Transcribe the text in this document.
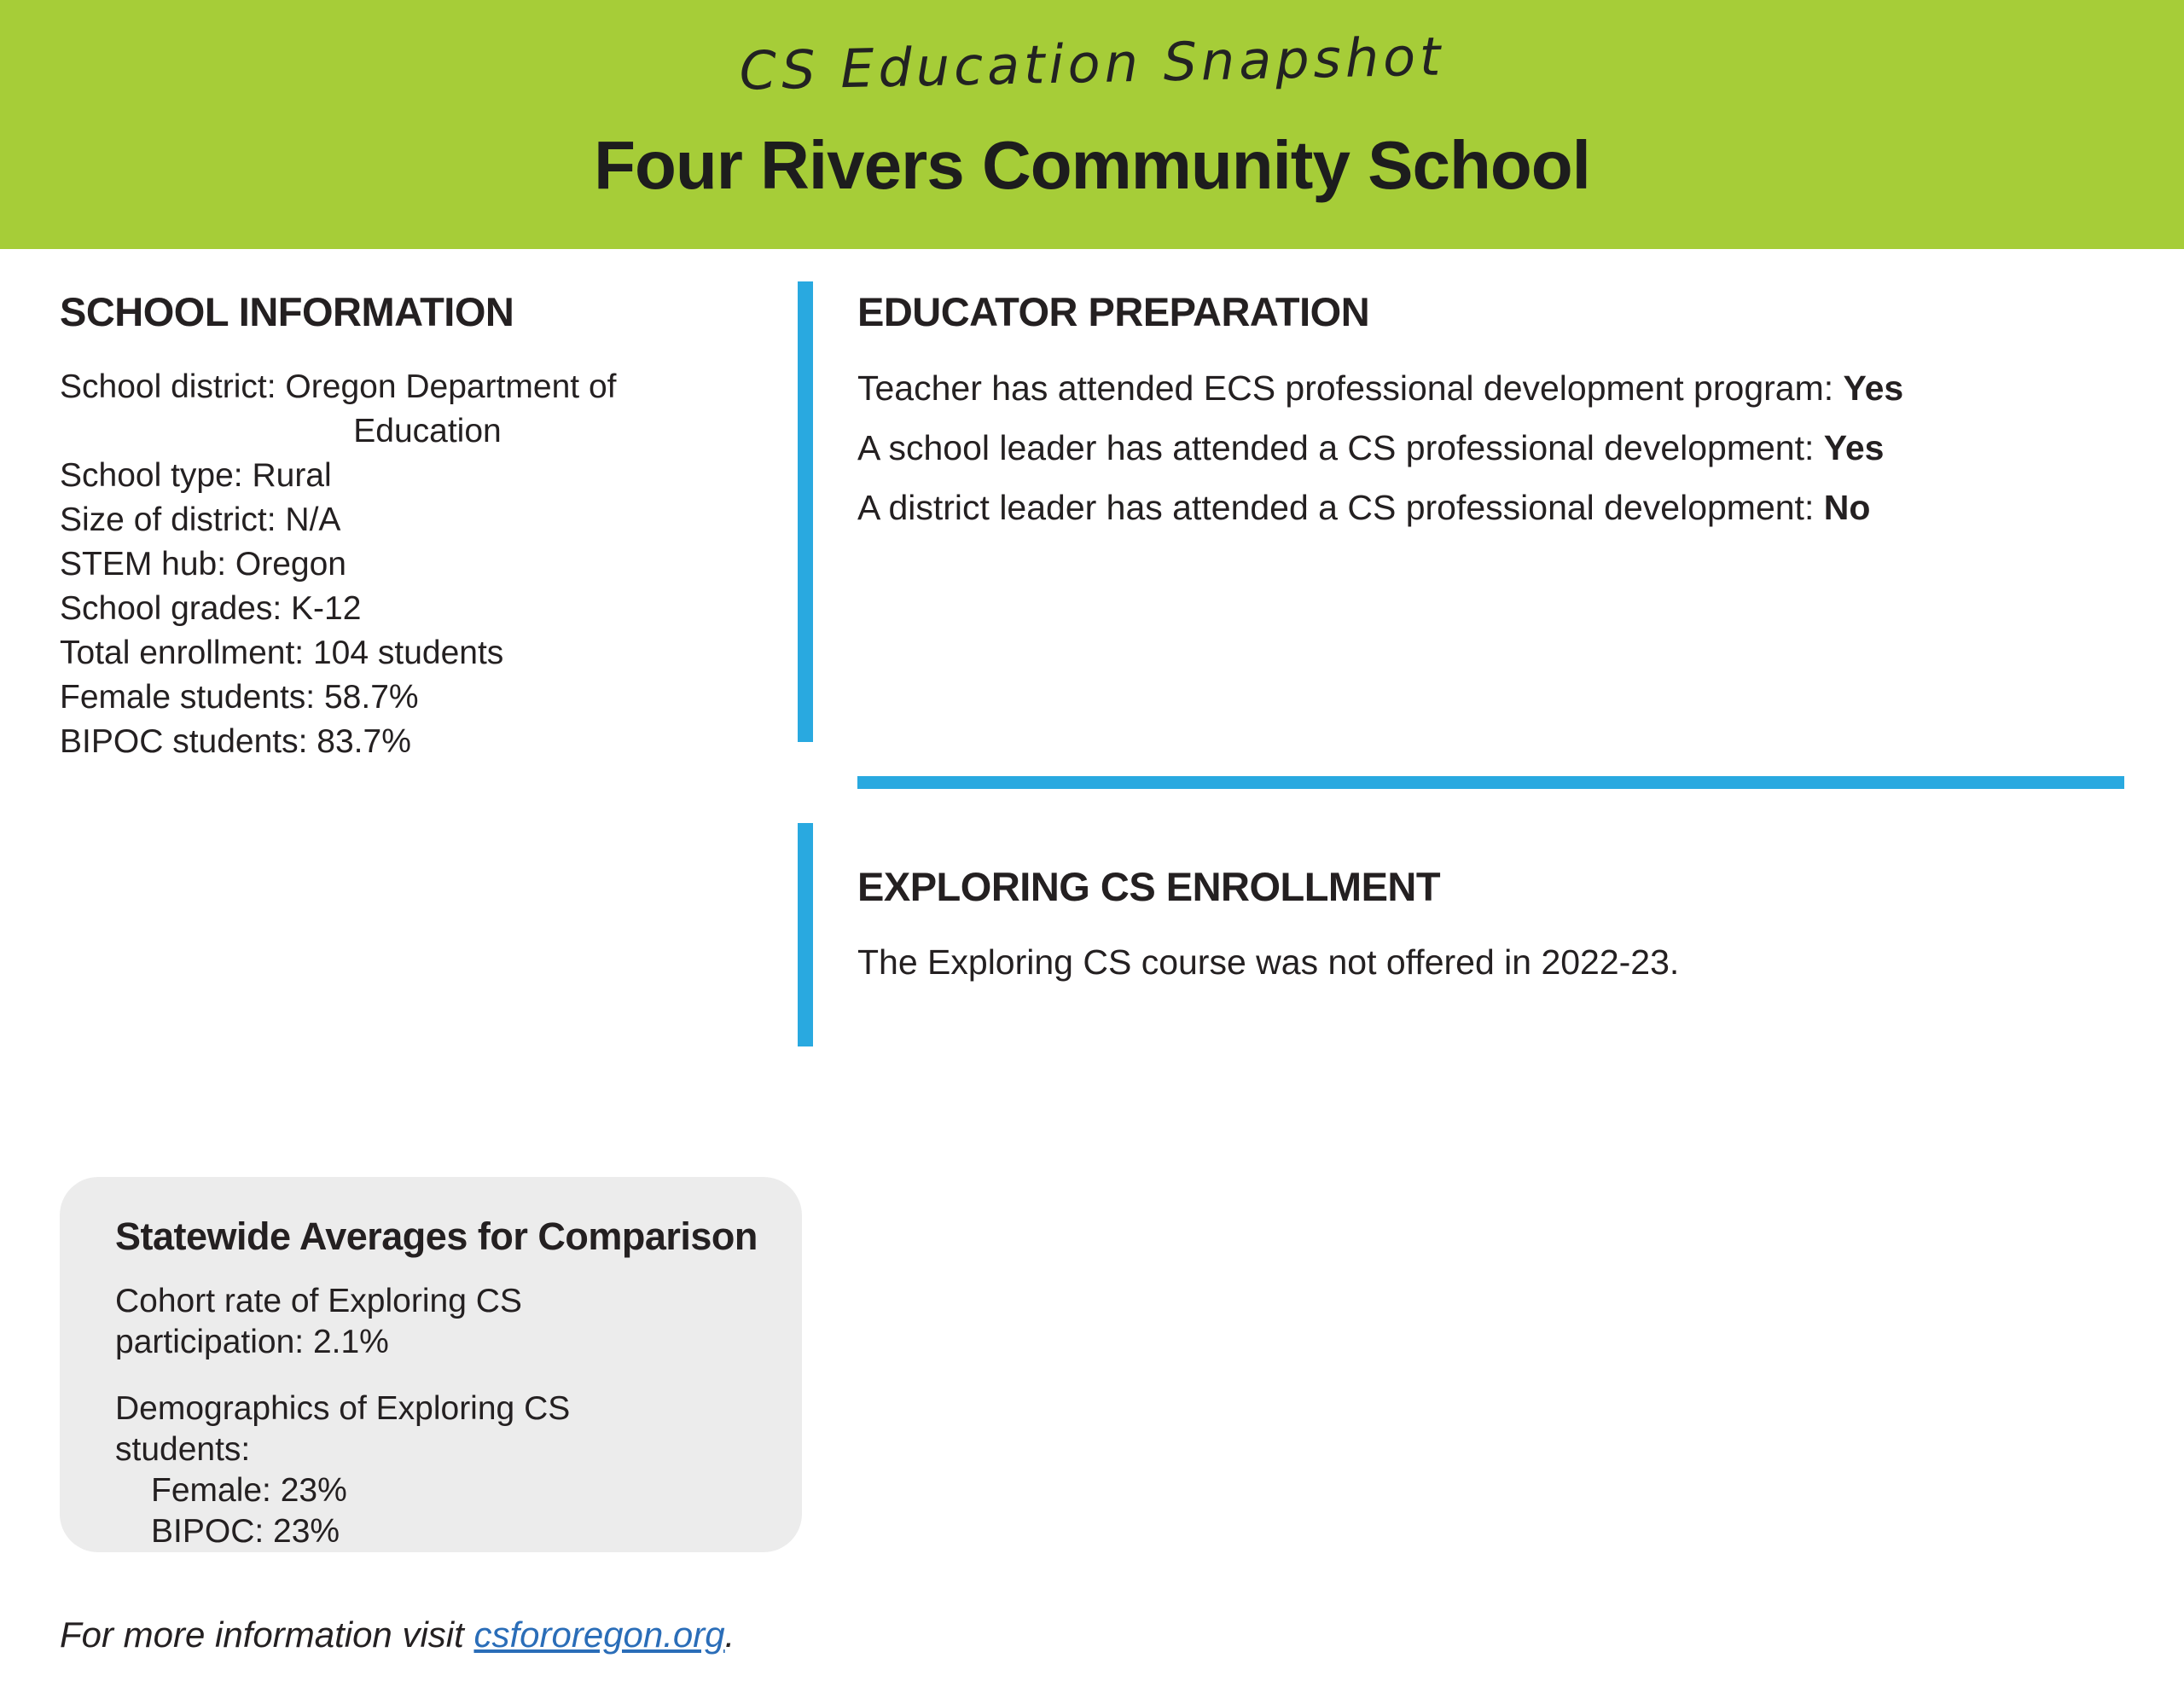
CS Education Snapshot
Four Rivers Community School
SCHOOL INFORMATION
School district: Oregon Department of
Education
School type: Rural
Size of district: N/A
STEM hub: Oregon
School grades: K-12
Total enrollment: 104 students
Female students: 58.7%
BIPOC students: 83.7%
EDUCATOR PREPARATION
Teacher has attended ECS professional development program: Yes
A school leader has attended a CS professional development: Yes
A district leader has attended a CS professional development: No
EXPLORING CS ENROLLMENT
The Exploring CS course was not offered in 2022-23.
Statewide Averages for Comparison
Cohort rate of Exploring CS
participation: 2.1%
Demographics of Exploring CS
students:
Female: 23%
BIPOC: 23%
For more information visit csfororegon.org.
